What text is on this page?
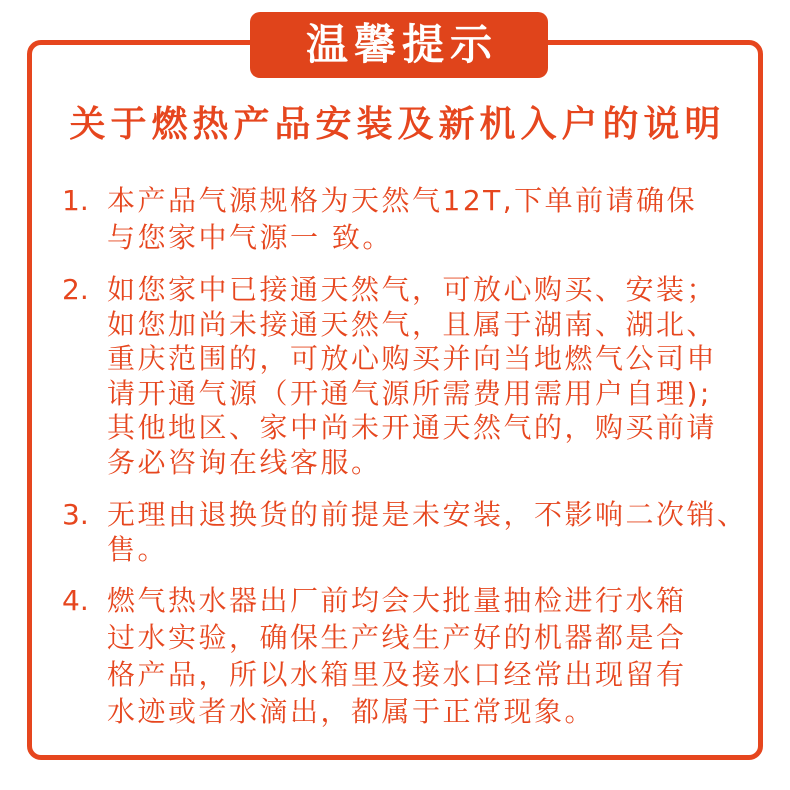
温馨提示
关于燃热产品安装及新机入户的说明
1. 本产品气源规格为天然气12T,下单前请确保
与您家中气源一 致。
2. 如您家中已接通天然气，可放心购买、安装；
如您加尚未接通天然气，且属于湖南、湖北、
重庆范围的，可放心购买并向当地燃气公司申
请开通气源（开通气源所需费用需用户自理);
其他地区、家中尚未开通天然气的，购买前请
务必咨询在线客服。
3. 无理由退换货的前提是未安装，不影响二次销、
售。
4. 燃气热水器出厂前均会大批量抽检进行水箱
过水实验，确保生产线生产好的机器都是合
格产品，所以水箱里及接水口经常出现留有
水迹或者水滴出，都属于正常现象。
